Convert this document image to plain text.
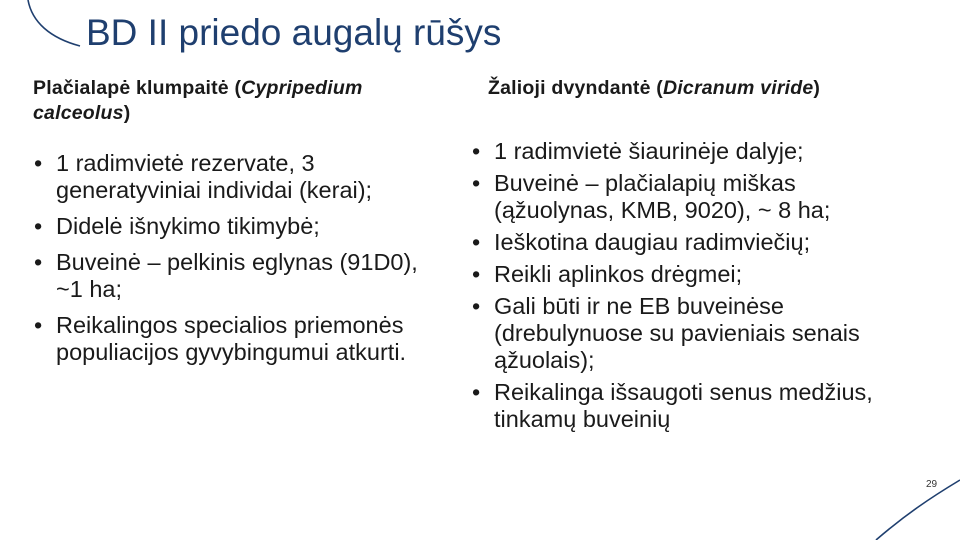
BD II priedo augalų rūšys
Plačialapė klumpaitė (Cypripedium calceolus)
Žalioji dvyndantė (Dicranum viride)
• 1 radimvietė rezervate, 3 generatyviniai individai (kerai);
• Didelė išnykimo tikimybė;
• Buveinė – pelkinis eglynas (91D0), ~1 ha;
• Reikalingos specialios priemonės populiacijos gyvybingumui atkurti.
• 1 radimvietė šiaurinėje dalyje;
• Buveinė – plačialapių miškas (ąžuolynas, KMB, 9020), ~ 8 ha;
• Ieškotina daugiau radimviečių;
• Reikli aplinkos drėgmei;
• Gali būti ir ne EB buveinėse (drebulynuose su pavieniais senais ąžuolais);
• Reikalinga išsaugoti senus medžius, tinkamų buveinių
29
